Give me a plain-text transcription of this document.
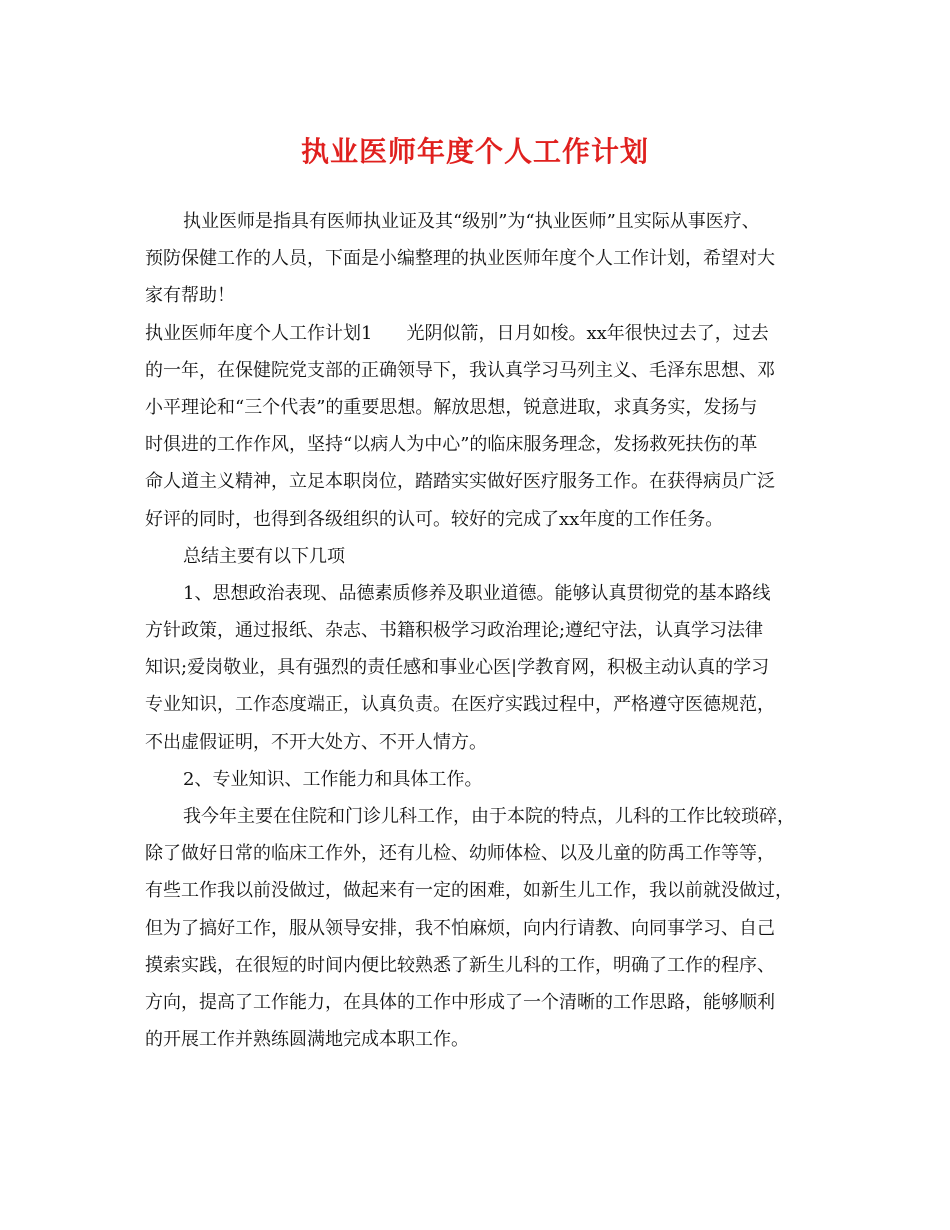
执业医师年度个人工作计划
执业医师是指具有医师执业证及其“级别”为“执业医师”且实际从事医疗、
预防保健工作的人员，下面是小编整理的执业医师年度个人工作计划，希望对大
家有帮助！
执业医师年度个人工作计划1 光阴似箭，日月如梭。xx年很快过去了，过去
的一年，在保健院党支部的正确领导下，我认真学习马列主义、毛泽东思想、邓
小平理论和“三个代表”的重要思想。解放思想，锐意进取，求真务实，发扬与
时俱进的工作作风，坚持“以病人为中心”的临床服务理念，发扬救死扶伤的革
命人道主义精神，立足本职岗位，踏踏实实做好医疗服务工作。在获得病员广泛
好评的同时，也得到各级组织的认可。较好的完成了xx年度的工作任务。
总结主要有以下几项
1、思想政治表现、品德素质修养及职业道德。能够认真贯彻党的基本路线
方针政策，通过报纸、杂志、书籍积极学习政治理论;遵纪守法，认真学习法律
知识;爱岗敬业，具有强烈的责任感和事业心医|学教育网，积极主动认真的学习
专业知识，工作态度端正，认真负责。在医疗实践过程中，严格遵守医德规范，
不出虚假证明，不开大处方、不开人情方。
2、专业知识、工作能力和具体工作。
我今年主要在住院和门诊儿科工作，由于本院的特点，儿科的工作比较琐碎，
除了做好日常的临床工作外，还有儿检、幼师体检、以及儿童的防禹工作等等，
有些工作我以前没做过，做起来有一定的困难，如新生儿工作，我以前就没做过，
但为了搞好工作，服从领导安排，我不怕麻烦，向内行请教、向同事学习、自己
摸索实践，在很短的时间内便比较熟悉了新生儿科的工作，明确了工作的程序、
方向，提高了工作能力，在具体的工作中形成了一个清晰的工作思路，能够顺利
的开展工作并熟练圆满地完成本职工作。
